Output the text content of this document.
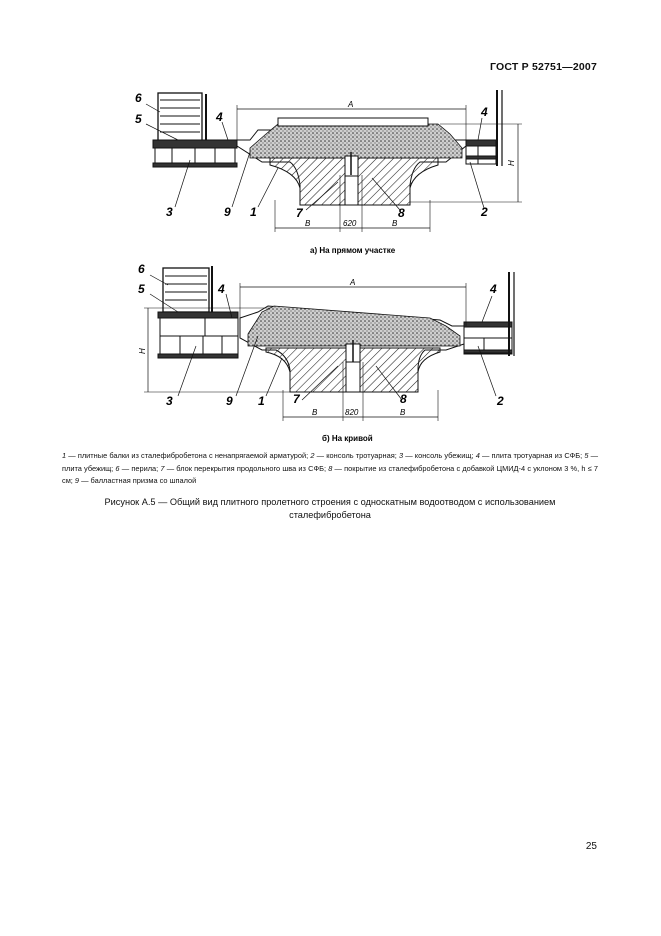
ГОСТ Р 52751—2007
6
5	4
3	9 1	7	8
4
2
A
H
B	620	B
а) На прямом участке
6
5	4
3	9 1 7	8
4
2
A
H
B	820	B
б) На кривой
1 — плитные балки из сталефибробетона с ненапрягаемой арматурой; 2 — консоль тротуарная; 3 — консоль убежищ; 4 — плита тротуарная из СФБ; 5 — плита убежищ; 6 — перила; 7 — блок перекрытия продольного шва из СФБ; 8 — покрытие из сталефибробетона с добавкой ЦМИД-4 с уклоном 3 %, h ≤ 7 см; 9 — балластная призма со шпалой
Рисунок А.5 — Общий вид плитного пролетного строения с односкатным водоотводом с использованием
сталефибробетона
25
